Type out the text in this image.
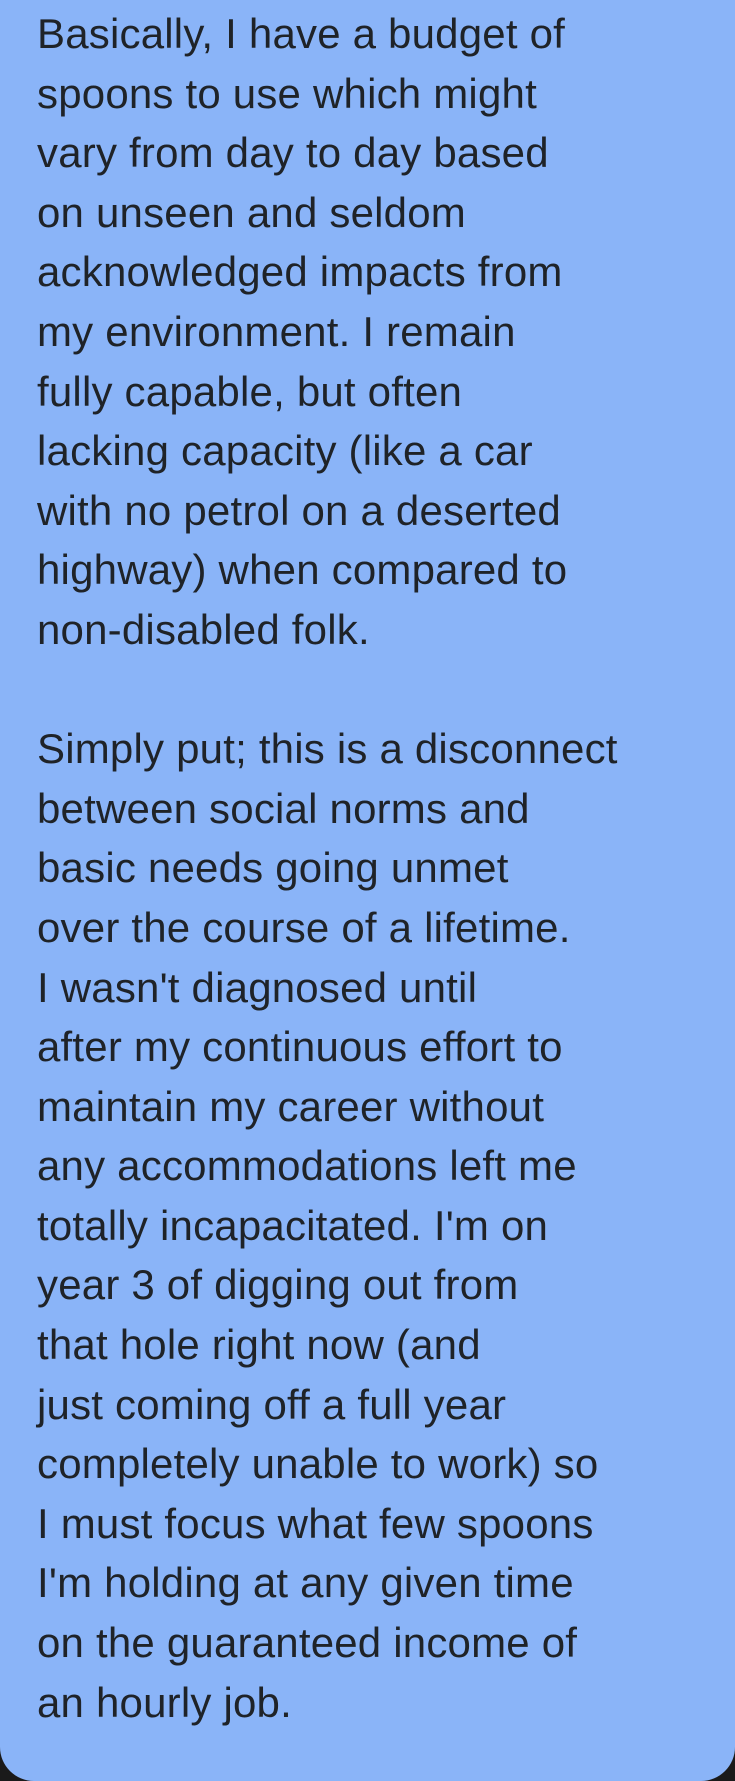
Basically, I have a budget of
spoons to use which might
vary from day to day based
on unseen and seldom
acknowledged impacts from
my environment. I remain
fully capable, but often
lacking capacity (like a car
with no petrol on a deserted
highway) when compared to
non-disabled folk.
Simply put; this is a disconnect
between social norms and
basic needs going unmet
over the course of a lifetime.
I wasn't diagnosed until
after my continuous effort to
maintain my career without
any accommodations left me
totally incapacitated. I'm on
year 3 of digging out from
that hole right now (and
just coming off a full year
completely unable to work) so
I must focus what few spoons
I'm holding at any given time
on the guaranteed income of
an hourly job.
